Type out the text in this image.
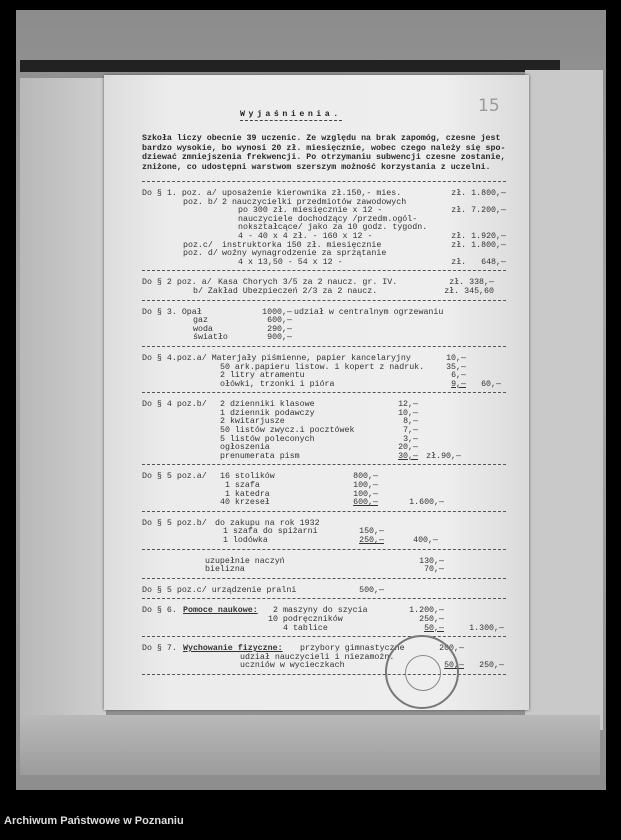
15
Wyjaśnienia.
Szkoła liczy obecnie 39 uczenic. Ze względu na brak zapomóg, czesne jest
bardzo wysokie, bo wynosi 20 zł. miesięcznie, wobec czego należy się spo-
dziewać zmniejszenia frekwencji. Po otrzymaniu subwencji czesne zostanie,
zniżone, co udostępni warstwom szerszym możność korzystania z uczelni.
Do § 1. poz. a/ uposażenie kierownika zł.150,- mies.	zł. 1.800,—
poz. b/ 2 nauczycielki przedmiotów zawodowych
po 300 zł. miesięcznie x 12 -	zł. 7.200,—
nauczyciele dochodzący /przedm.ogól-
nokształcące/ jako za 10 godz. tygodn.
4 - 40 x 4 zł. - 160 x 12 -	zł. 1.920,—
poz.c/ instruktorka 150 zł. miesięcznie	zł. 1.800,—
poz. d/ woźny wynagrodzenie za sprzątanie
4 x 13,50 - 54 x 12 -	zł.   648,—
Do § 2 poz. a/ Kasa Chorych 3/5 za 2 naucz. gr. IV.	zł. 338,—
b/ Zakład Ubezpieczeń 2/3 za 2 naucz.	zł. 345,60
Do § 3. Opał	1000,— udział w centralnym ogrzewaniu
gaz	600,—
woda	290,—
światło	900,—
Do § 4.poz.a/ Materjały piśmienne, papier kancelaryjny	10,—
50 ark.papieru listow. i kopert z nadruk.	35,—
2 litry atramentu	6,—
ołówki, trzonki i pióra	9,— 60,—
Do § 4 poz.b/ 2 dzienniki klasowe	12,—
1 dziennik podawczy	10,—
2 kwitarjusze	8,—
50 listów zwycz.i pocztówek	7,—
5 listów poleconych	3,—
ogłoszenia	20,—
prenumerata pism	30,— zł.90,—
Do § 5 poz.a/ 16 stolików	800,—
1 szafa	100,—
1 katedra	100,—
40 krzeseł	600,—	1.600,—
Do § 5 poz.b/ do zakupu na rok 1932
1 szafa do spiżarni	150,—
1 lodówka	250,—	400,—
uzupełnie naczyń	130,—
bielizna	70,—
Do § 5 poz.c/ urządzenie pralni	500,—
Do § 6. Pomoce naukowe: 2 maszyny do szycia	1.200,—
10 podręczników	250,—
4 tablice	50,—	1.300,—
Do § 7. Wychowanie fizyczne: przybory gimnastyczne	200,—
udział nauczycieli i niezamożn.
uczniów w wycieczkach	50,— 250,—
Archiwum Państwowe w Poznaniu
